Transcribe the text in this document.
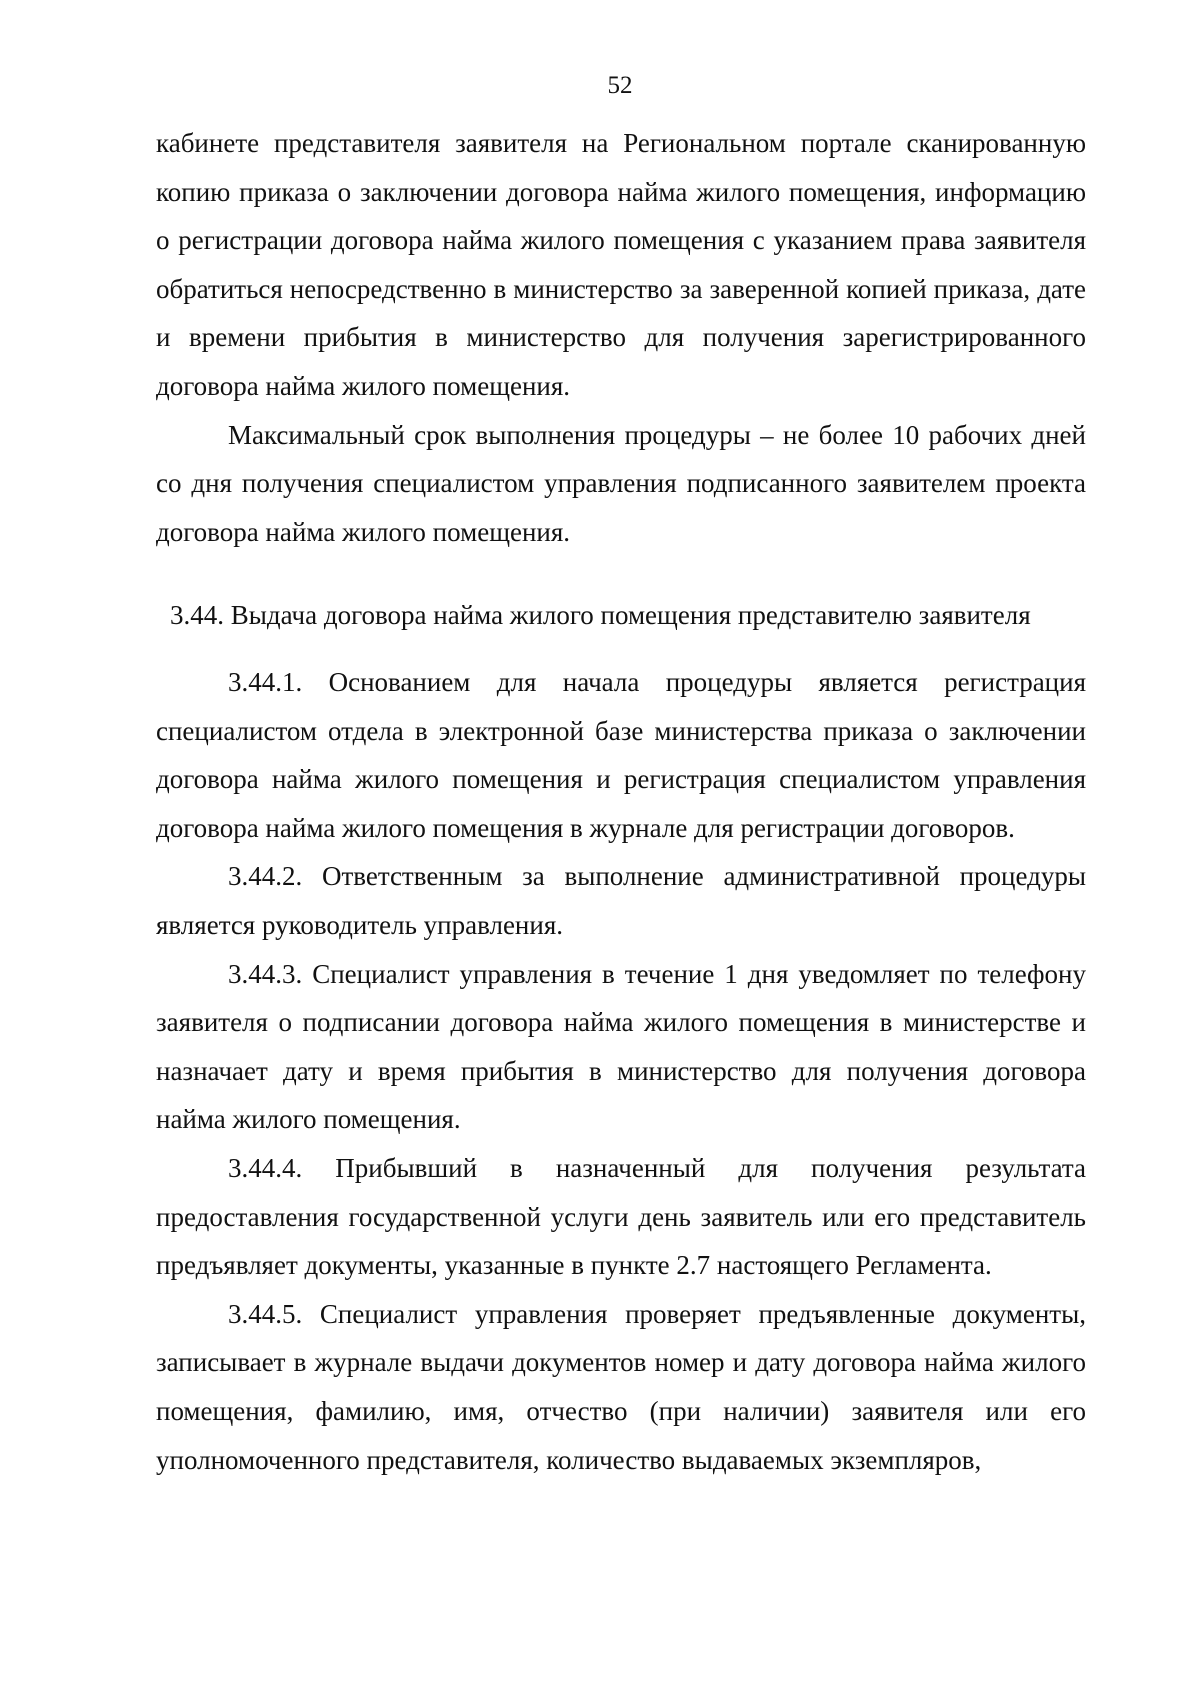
52

кабинете представителя заявителя на Региональном портале сканированную копию приказа о заключении договора найма жилого помещения, информацию о регистрации договора найма жилого помещения с указанием права заявителя обратиться непосредственно в министерство за заверенной копией приказа, дате и времени прибытия в министерство для получения зарегистрированного договора найма жилого помещения.

Максимальный срок выполнения процедуры – не более 10 рабочих дней со дня получения специалистом управления подписанного заявителем проекта договора найма жилого помещения.

3.44. Выдача договора найма жилого помещения представителю заявителя

3.44.1. Основанием для начала процедуры является регистрация специалистом отдела в электронной базе министерства приказа о заключении договора найма жилого помещения и регистрация специалистом управления договора найма жилого помещения в журнале для регистрации договоров.

3.44.2. Ответственным за выполнение административной процедуры является руководитель управления.

3.44.3. Специалист управления в течение 1 дня уведомляет по телефону заявителя о подписании договора найма жилого помещения в министерстве и назначает дату и время прибытия в министерство для получения договора найма жилого помещения.

3.44.4. Прибывший в назначенный для получения результата предоставления государственной услуги день заявитель или его представитель предъявляет документы, указанные в пункте 2.7 настоящего Регламента.

3.44.5. Специалист управления проверяет предъявленные документы, записывает в журнале выдачи документов номер и дату договора найма жилого помещения, фамилию, имя, отчество (при наличии) заявителя или его уполномоченного представителя, количество выдаваемых экземпляров,
